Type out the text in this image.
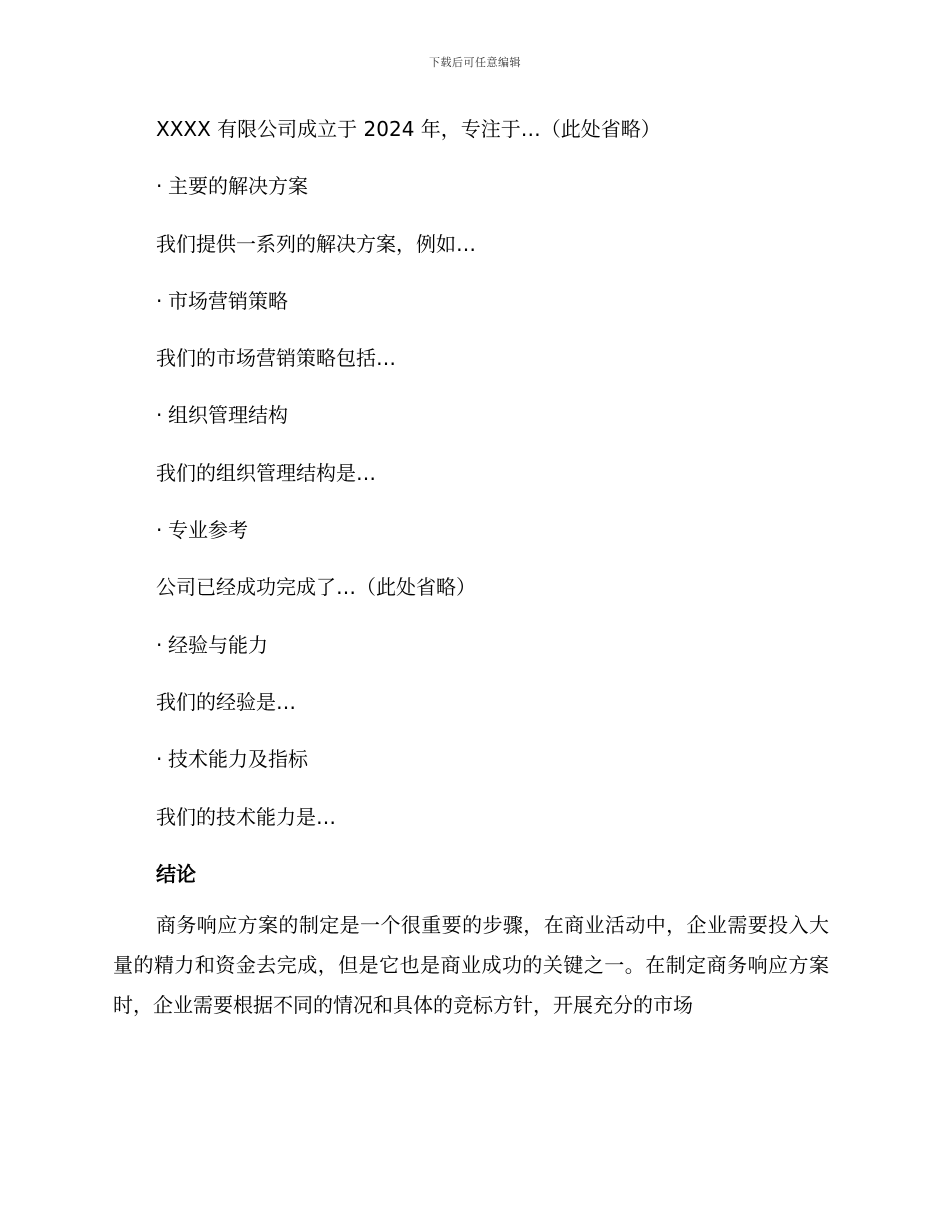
下载后可任意编辑
XXXX 有限公司成立于 2024 年，专注于…（此处省略）
· 主要的解决方案
我们提供一系列的解决方案，例如…
· 市场营销策略
我们的市场营销策略包括…
· 组织管理结构
我们的组织管理结构是…
· 专业参考
公司已经成功完成了…（此处省略）
· 经验与能力
我们的经验是…
· 技术能力及指标
我们的技术能力是…
结论
商务响应方案的制定是一个很重要的步骤，在商业活动中，企业需要投入大量的精力和资金去完成，但是它也是商业成功的关键之一。在制定商务响应方案时，企业需要根据不同的情况和具体的竞标方针，开展充分的市场
